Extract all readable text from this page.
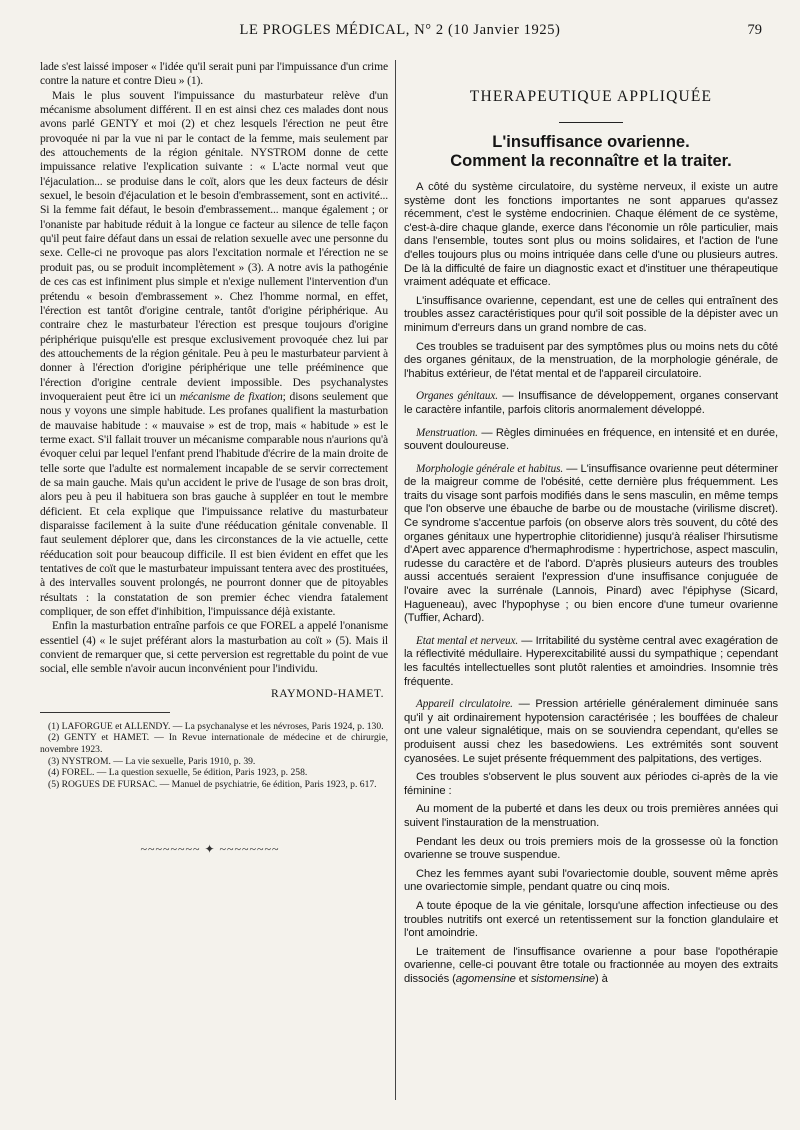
LE PROGLES MÉDICAL, N° 2 (10 Janvier 1925)	79

lade s'est laissé imposer « l'idée qu'il serait puni par l'impuissance d'un crime contre la nature et contre Dieu » (1).

Mais le plus souvent l'impuissance du masturbateur relève d'un mécanisme absolument différent. Il en est ainsi chez ces malades dont nous avons parlé GENTY et moi (2) et chez lesquels l'érection ne peut être provoquée ni par la vue ni par le contact de la femme, mais seulement par des attouchements de la région génitale. NYSTROM donne de cette impuissance relative l'explication suivante : « L'acte normal veut que l'éjaculation... se produise dans le coït, alors que les deux facteurs de désir sexuel, le besoin d'éjaculation et le besoin d'embrassement, sont en activité... Si la femme fait défaut, le besoin d'embrassement... manque également ; or l'onaniste par habitude réduit à la longue ce facteur au silence de telle façon qu'il peut faire défaut dans un essai de relation sexuelle avec une personne du sexe. Celle-ci ne provoque pas alors l'excitation normale et l'érection ne se produit pas, ou se produit incomplètement » (3). A notre avis la pathogénie de ces cas est infiniment plus simple et n'exige nullement l'intervention d'un prétendu « besoin d'embrassement ». Chez l'homme normal, en effet, l'érection est tantôt d'origine centrale, tantôt d'origine périphérique. Au contraire chez le masturbateur l'érection est presque toujours d'origine périphérique puisqu'elle est presque exclusivement provoquée chez lui par des attouchements de la région génitale. Peu à peu le masturbateur parvient à donner à l'érection d'origine périphérique une telle prééminence que l'érection d'origine centrale devient impossible. Des psychanalystes invoqueraient peut être ici un mécanisme de fixation; disons seulement que nous y voyons une simple habitude. Les profanes qualifient la masturbation de mauvaise habitude : « mauvaise » est de trop, mais « habitude » est le terme exact. S'il fallait trouver un mécanisme comparable nous n'aurions qu'à évoquer celui par lequel l'enfant prend l'habitude d'écrire de la main droite de telle sorte que l'adulte est normalement incapable de se servir correctement de sa main gauche. Mais qu'un accident le prive de l'usage de son bras droit, alors peu à peu il habituera son bras gauche à suppléer en tout le membre déficient. Et cela explique que l'impuissance relative du masturbateur disparaisse facilement à la suite d'une rééducation génitale convenable. Il faut seulement déplorer que, dans les circonstances de la vie actuelle, cette rééducation soit pour beaucoup difficile. Il est bien évident en effet que les tentatives de coït que le masturbateur impuissant tentera avec des prostituées, à des intervalles souvent prolongés, ne pourront donner que de pitoyables résultats : la constatation de son premier échec viendra fatalement compliquer, de son effet d'inhibition, l'impuissance déjà existante.

Enfin la masturbation entraîne parfois ce que FOREL a appelé l'onanisme essentiel (4) « le sujet préférant alors la masturbation au coït » (5). Mais il convient de remarquer que, si cette perversion est regrettable du point de vue social, elle semble n'avoir aucun inconvénient pour l'individu.

RAYMOND-HAMET.
(1) LAFORGUE et ALLENDY. — La psychanalyse et les névroses, Paris 1924, p. 130.
(2) GENTY et HAMET. — In Revue internationale de médecine et de chirurgie, novembre 1923.
(3) NYSTROM. — La vie sexuelle, Paris 1910, p. 39.
(4) FOREL. — La question sexuelle, 5e édition, Paris 1923, p. 258.
(5) ROGUES DE FURSAC. — Manuel de psychiatrie, 6e édition, Paris 1923, p. 617.
~~~~~~~~ ✦ ~~~~~~~~
THERAPEUTIQUE APPLIQUÉE
L'insuffisance ovarienne.
Comment la reconnaître et la traiter.

A côté du système circulatoire, du système nerveux, il existe un autre système dont les fonctions importantes ne sont apparues qu'assez récemment, c'est le système endocrinien. Chaque élément de ce système, c'est-à-dire chaque glande, exerce dans l'économie un rôle particulier, mais dans l'ensemble, toutes sont plus ou moins solidaires, et l'action de l'une d'elles toujours plus ou moins intriquée dans celle d'une ou plusieurs autres. De là la difficulté de faire un diagnostic exact et d'instituer une thérapeutique vraiment adéquate et efficace.

L'insuffisance ovarienne, cependant, est une de celles qui entraînent des troubles assez caractéristiques pour qu'il soit possible de la dépister avec un minimum d'erreurs dans un grand nombre de cas.

Ces troubles se traduisent par des symptômes plus ou moins nets du côté des organes génitaux, de la menstruation, de la morphologie générale, de l'habitus extérieur, de l'état mental et de l'appareil circulatoire.

Organes génitaux. — Insuffisance de développement, organes conservant le caractère infantile, parfois clitoris anormalement développé.

Menstruation. — Règles diminuées en fréquence, en intensité et en durée, souvent douloureuse.

Morphologie générale et habitus. — L'insuffisance ovarienne peut déterminer de la maigreur comme de l'obésité, cette dernière plus fréquemment. Les traits du visage sont parfois modifiés dans le sens masculin, en même temps que l'on observe une ébauche de barbe ou de moustache (virilisme discret). Ce syndrome s'accentue parfois (on observe alors très souvent, du côté des organes génitaux une hypertrophie clitoridienne) jusqu'à réaliser l'hirsutisme d'Apert avec apparence d'hermaphrodisme : hypertrichose, aspect masculin, rudesse du caractère et de l'abord. D'après plusieurs auteurs des troubles aussi accentués seraient l'expression d'une insuffisance conjuguée de l'ovaire avec la surrénale (Lannois, Pinard) avec l'épiphyse (Sicard, Hagueneau), avec l'hypophyse ; ou bien encore d'une tumeur ovarienne (Tuffier, Achard).

Etat mental et nerveux. — Irritabilité du système central avec exagération de la réflectivité médullaire. Hyperexcitabilité aussi du sympathique ; cependant les facultés intellectuelles sont plutôt ralenties et amoindries. Insomnie très fréquente.

Appareil circulatoire. — Pression artérielle généralement diminuée sans qu'il y ait ordinairement hypotension caractérisée ; les bouffées de chaleur ont une valeur signalétique, mais on se souviendra cependant, qu'elles se produisent aussi chez les basedowiens. Les extrémités sont souvent cyanosées. Le sujet présente fréquemment des palpitations, des vertiges.

Ces troubles s'observent le plus souvent aux périodes ci-après de la vie féminine :

Au moment de la puberté et dans les deux ou trois premières années qui suivent l'instauration de la menstruation.

Pendant les deux ou trois premiers mois de la grossesse où la fonction ovarienne se trouve suspendue.

Chez les femmes ayant subi l'ovariectomie double, souvent même après une ovariectomie simple, pendant quatre ou cinq mois.

A toute époque de la vie génitale, lorsqu'une affection infectieuse ou des troubles nutritifs ont exercé un retentissement sur la fonction glandulaire et l'ont amoindrie.

Le traitement de l'insuffisance ovarienne a pour base l'opothérapie ovarienne, celle-ci pouvant être totale ou fractionnée au moyen des extraits dissociés (agomensine et sistomensine) à
